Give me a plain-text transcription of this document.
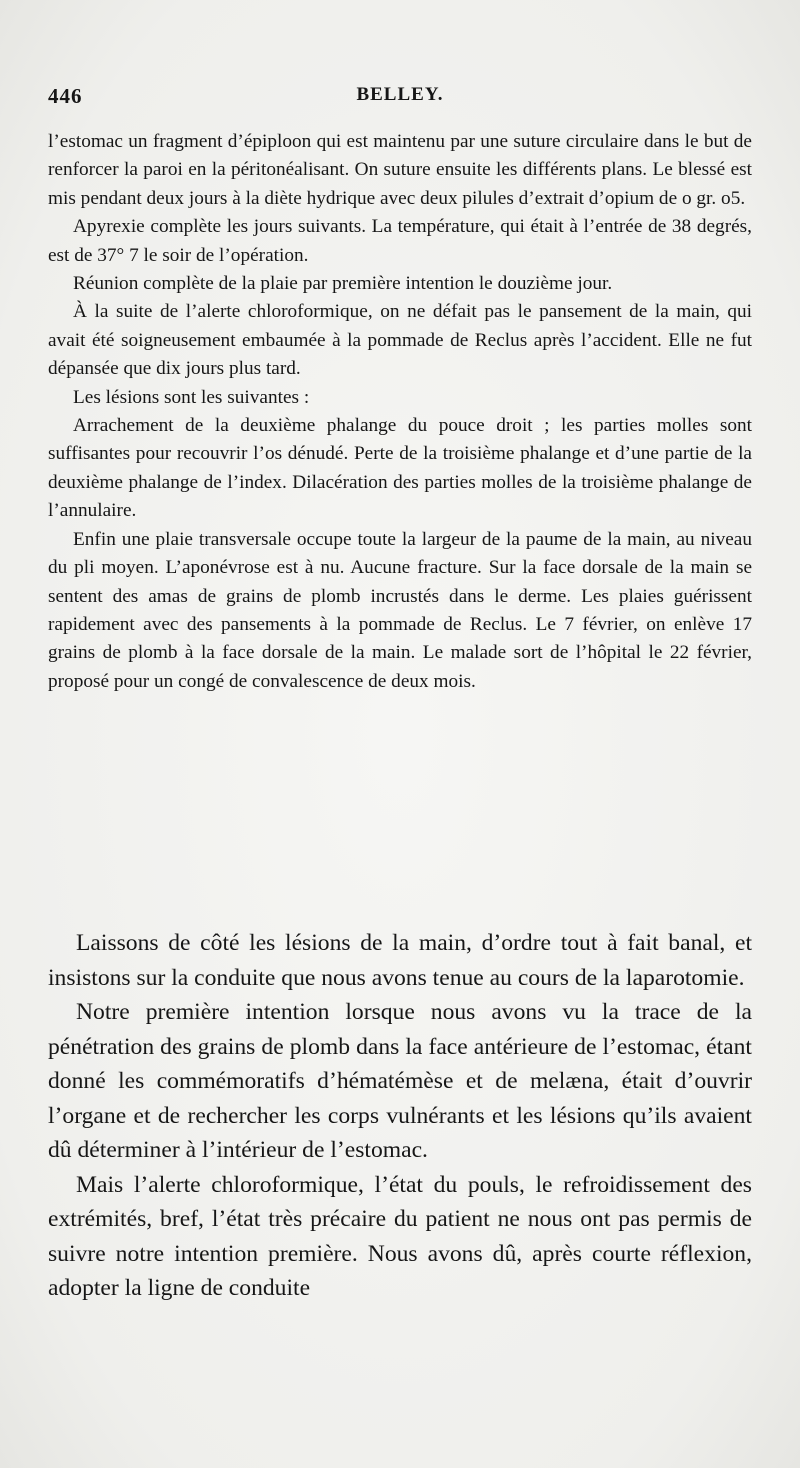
446	BELLEY.

l’estomac un fragment d’épiploon qui est maintenu par une suture circulaire dans le but de renforcer la paroi en la péritonéalisant. On suture ensuite les différents plans. Le blessé est mis pendant deux jours à la diète hydrique avec deux pilules d’extrait d’opium de o gr. o5.

Apyrexie complète les jours suivants. La température, qui était à l’entrée de 38 degrés, est de 37° 7 le soir de l’opération.

Réunion complète de la plaie par première intention le douzième jour.

À la suite de l’alerte chloroformique, on ne défait pas le pansement de la main, qui avait été soigneusement embaumée à la pommade de Reclus après l’accident. Elle ne fut dépansée que dix jours plus tard.

Les lésions sont les suivantes :

Arrachement de la deuxième phalange du pouce droit ; les parties molles sont suffisantes pour recouvrir l’os dénudé. Perte de la troisième phalange et d’une partie de la deuxième phalange de l’index. Dilacération des parties molles de la troisième phalange de l’annulaire.

Enfin une plaie transversale occupe toute la largeur de la paume de la main, au niveau du pli moyen. L’aponévrose est à nu. Aucune fracture. Sur la face dorsale de la main se sentent des amas de grains de plomb incrustés dans le derme. Les plaies guérissent rapidement avec des pansements à la pommade de Reclus. Le 7 février, on enlève 17 grains de plomb à la face dorsale de la main. Le malade sort de l’hôpital le 22 février, proposé pour un congé de convalescence de deux mois.

Laissons de côté les lésions de la main, d’ordre tout à fait banal, et insistons sur la conduite que nous avons tenue au cours de la laparotomie.

Notre première intention lorsque nous avons vu la trace de la pénétration des grains de plomb dans la face antérieure de l’estomac, étant donné les commémoratifs d’hématémèse et de melæna, était d’ouvrir l’organe et de rechercher les corps vulnérants et les lésions qu’ils avaient dû déterminer à l’intérieur de l’estomac.

Mais l’alerte chloroformique, l’état du pouls, le refroidissement des extrémités, bref, l’état très précaire du patient ne nous ont pas permis de suivre notre intention première. Nous avons dû, après courte réflexion, adopter la ligne de conduite
